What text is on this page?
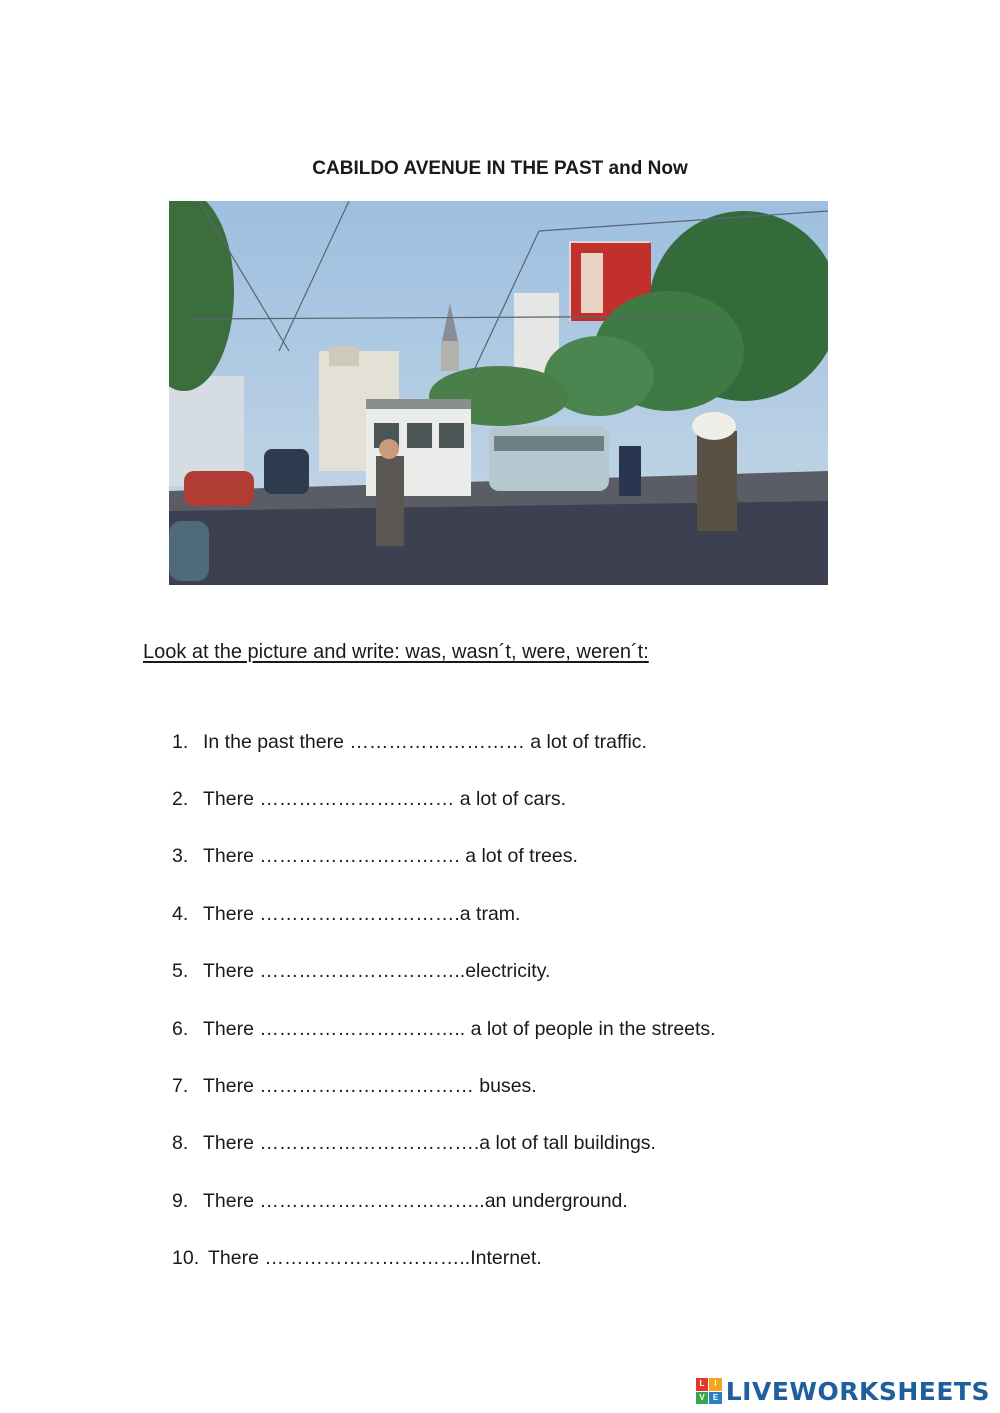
CABILDO AVENUE IN THE PAST and Now
Look at the picture and write: was, wasn´t, were, weren´t:
1. In the past there ……………………… a lot of traffic.
2. There ………………………… a lot of cars.
3. There …………………………. a lot of trees.
4. There ………………………….a tram.
5. There …………………………..electricity.
6. There ………………………….. a lot of people in the streets.
7. There …………………………… buses.
8. There …………………………….a lot of tall buildings.
9. There ……………………………..an underground.
10. There …………………………..Internet.
L	I
V	E LIVEWORKSHEETS
